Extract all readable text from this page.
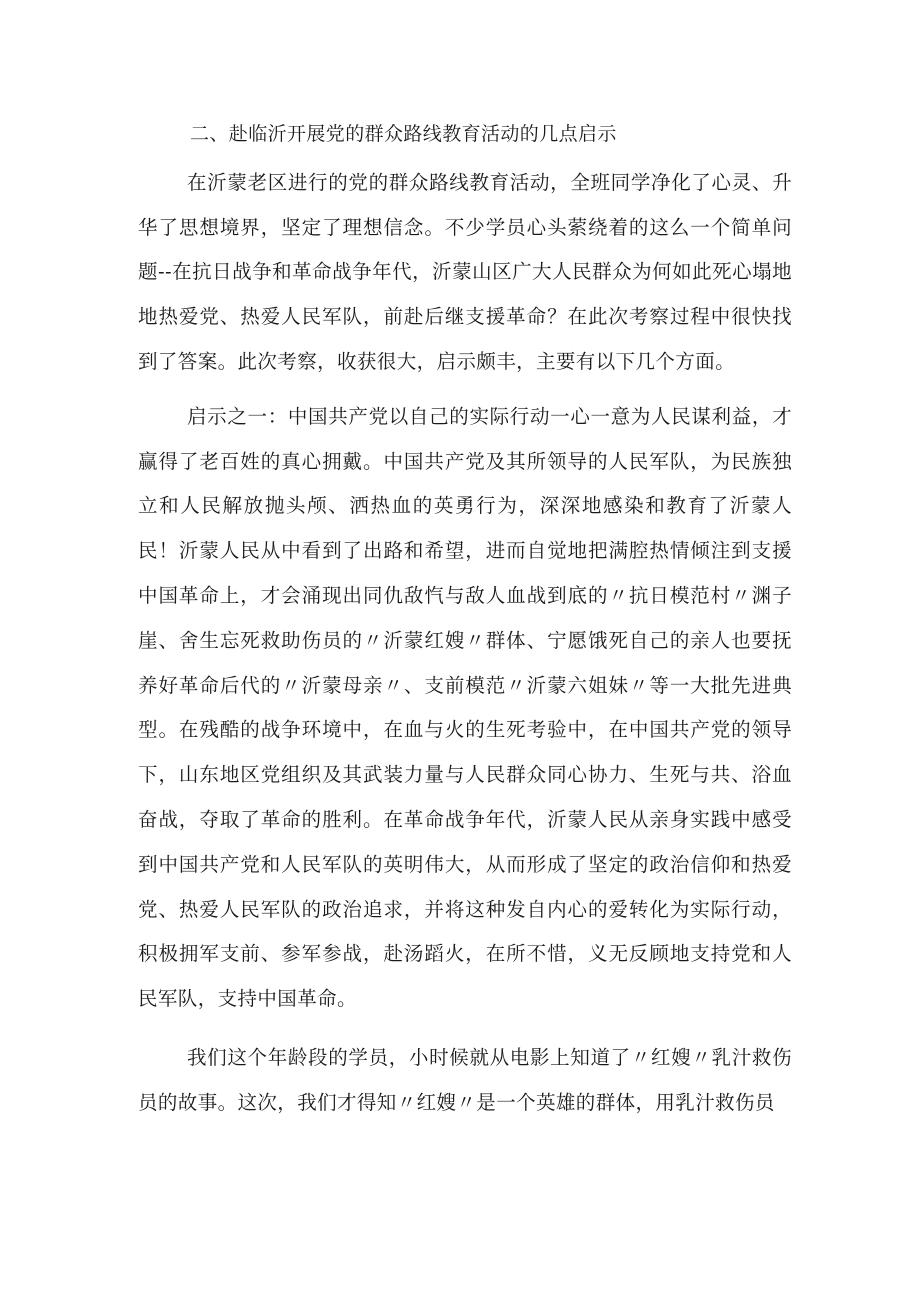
二、赴临沂开展党的群众路线教育活动的几点启示

在沂蒙老区进行的党的群众路线教育活动，全班同学净化了心灵、升华了思想境界，坚定了理想信念。不少学员心头萦绕着的这么一个简单问题--在抗日战争和革命战争年代，沂蒙山区广大人民群众为何如此死心塌地地热爱党、热爱人民军队，前赴后继支援革命？在此次考察过程中很快找到了答案。此次考察，收获很大，启示颇丰，主要有以下几个方面。

启示之一：中国共产党以自己的实际行动一心一意为人民谋利益，才赢得了老百姓的真心拥戴。中国共产党及其所领导的人民军队，为民族独立和人民解放抛头颅、洒热血的英勇行为，深深地感染和教育了沂蒙人民！沂蒙人民从中看到了出路和希望，进而自觉地把满腔热情倾注到支援中国革命上，才会涌现出同仇敌忾与敌人血战到底的〃抗日模范村〃渊子崖、舍生忘死救助伤员的〃沂蒙红嫂〃群体、宁愿饿死自己的亲人也要抚养好革命后代的〃沂蒙母亲〃、支前模范〃沂蒙六姐妹〃等一大批先进典型。在残酷的战争环境中，在血与火的生死考验中，在中国共产党的领导下，山东地区党组织及其武装力量与人民群众同心协力、生死与共、浴血奋战，夺取了革命的胜利。在革命战争年代，沂蒙人民从亲身实践中感受到中国共产党和人民军队的英明伟大，从而形成了坚定的政治信仰和热爱党、热爱人民军队的政治追求，并将这种发自内心的爱转化为实际行动，积极拥军支前、参军参战，赴汤蹈火，在所不惜，义无反顾地支持党和人民军队，支持中国革命。

我们这个年龄段的学员，小时候就从电影上知道了〃红嫂〃乳汁救伤员的故事。这次，我们才得知〃红嫂〃是一个英雄的群体，用乳汁救伤员
